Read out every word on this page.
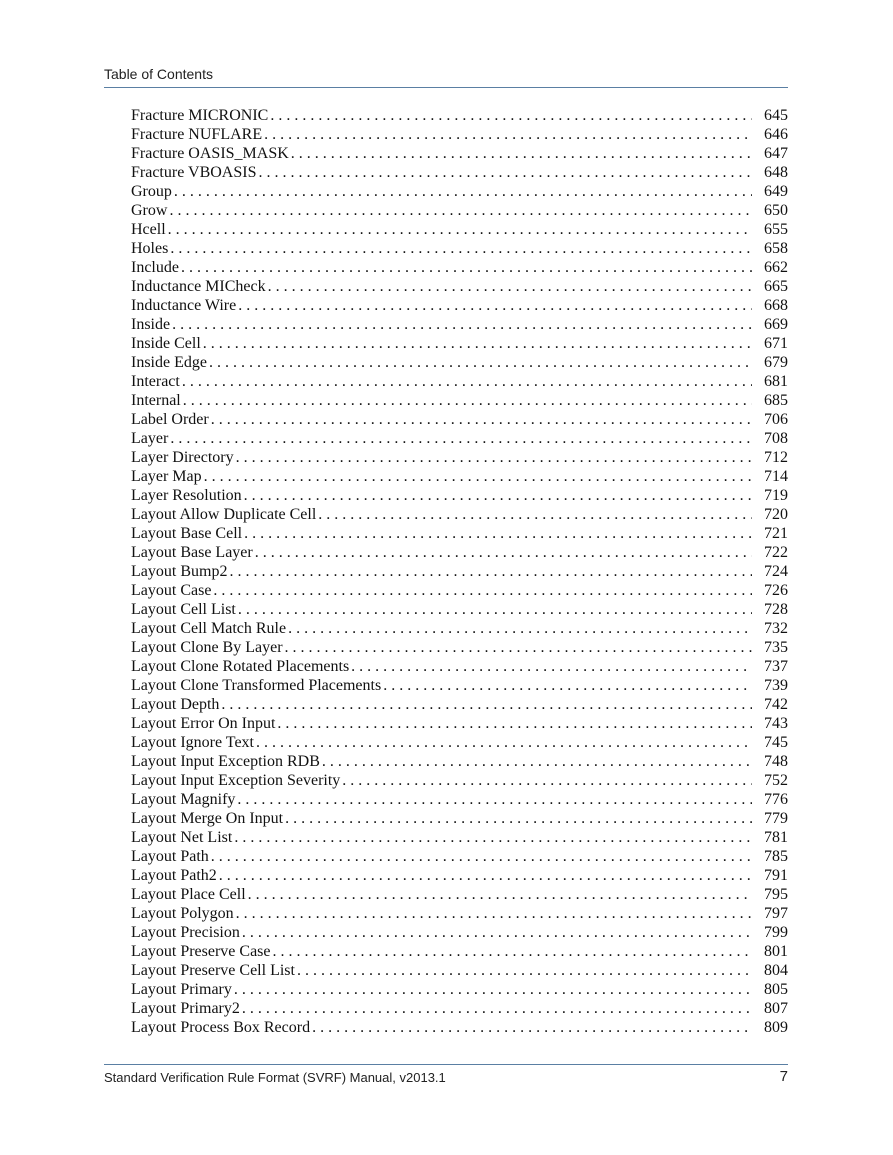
Table of Contents
Fracture MICRONIC . . .	645
Fracture NUFLARE . . .	646
Fracture OASIS_MASK . . .	647
Fracture VBOASIS . . .	648
Group . . .	649
Grow . . .	650
Hcell . . .	655
Holes . . .	658
Include . . .	662
Inductance MICheck . . .	665
Inductance Wire . . .	668
Inside . . .	669
Inside Cell . . .	671
Inside Edge . . .	679
Interact . . .	681
Internal . . .	685
Label Order . . .	706
Layer . . .	708
Layer Directory . . .	712
Layer Map . . .	714
Layer Resolution . . .	719
Layout Allow Duplicate Cell . . .	720
Layout Base Cell . . .	721
Layout Base Layer . . .	722
Layout Bump2 . . .	724
Layout Case . . .	726
Layout Cell List . . .	728
Layout Cell Match Rule . . .	732
Layout Clone By Layer . . .	735
Layout Clone Rotated Placements . . .	737
Layout Clone Transformed Placements . . .	739
Layout Depth . . .	742
Layout Error On Input . . .	743
Layout Ignore Text . . .	745
Layout Input Exception RDB . . .	748
Layout Input Exception Severity . . .	752
Layout Magnify . . .	776
Layout Merge On Input . . .	779
Layout Net List . . .	781
Layout Path . . .	785
Layout Path2 . . .	791
Layout Place Cell . . .	795
Layout Polygon . . .	797
Layout Precision . . .	799
Layout Preserve Case . . .	801
Layout Preserve Cell List . . .	804
Layout Primary . . .	805
Layout Primary2 . . .	807
Layout Process Box Record . . .	809
Standard Verification Rule Format (SVRF) Manual, v2013.1	7
